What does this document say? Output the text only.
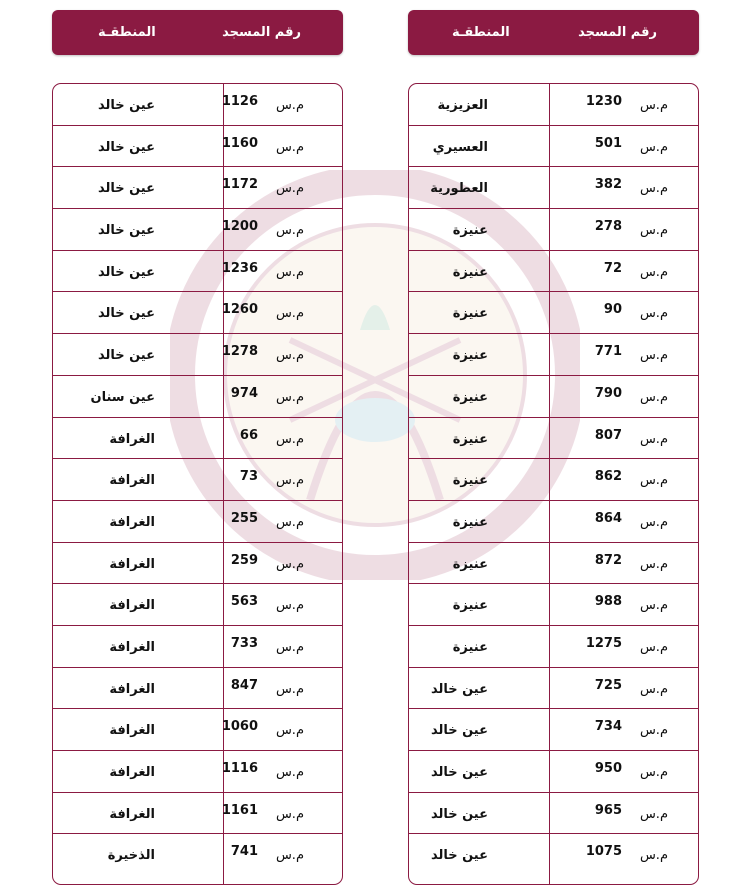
رقم المسجد
المنطقـة	رقم المسجد
المنطقـة
م.س
1126
عين خالد
م.س
1160
عين خالد
م.س
1172
عين خالد
م.س
1200
عين خالد
م.س
1236
عين خالد
م.س
1260
عين خالد
م.س
1278
عين خالد
م.س
974
عين سنان
م.س
66
الغرافة
م.س
73
الغرافة
م.س
255
الغرافة
م.س
259
الغرافة
م.س
563
الغرافة
م.س
733
الغرافة
م.س
847
الغرافة
م.س
1060
الغرافة
م.س
1116
الغرافة
م.س
1161
الغرافة
م.س
741
الذخيرة
م.س
1230
العزيزية
م.س
501
العسيري
م.س
382
العطورية
م.س
278
عنيزة
م.س
72
عنيزة
م.س
90
عنيزة
م.س
771
عنيزة
م.س
790
عنيزة
م.س
807
عنيزة
م.س
862
عنيزة
م.س
864
عنيزة
م.س
872
عنيزة
م.س
988
عنيزة
م.س
1275
عنيزة
م.س
725
عين خالد
م.س
734
عين خالد
م.س
950
عين خالد
م.س
965
عين خالد
م.س
1075
عين خالد
